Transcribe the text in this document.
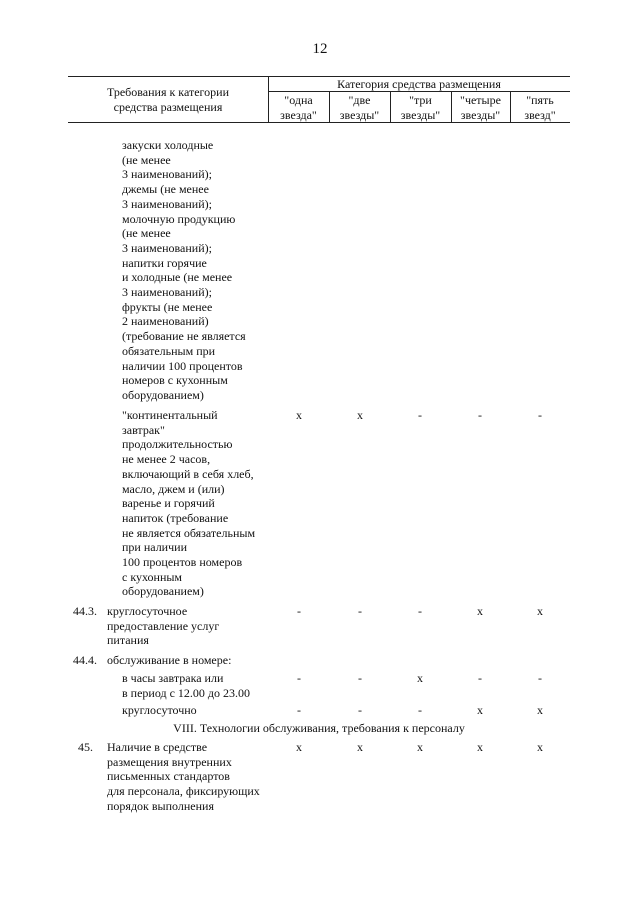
12
Требования к категории
средства размещения
Категория средства размещения
"одна
звезда"
"две
звезды"
"три
звезды"
"четыре
звезды"
"пять
звезд"
закуски холодные
(не менее
3 наименований);
джемы (не менее
3 наименований);
молочную продукцию
(не менее
3 наименований);
напитки горячие
и холодные (не менее
3 наименований);
фрукты (не менее
2 наименований)
(требование не является
обязательным при
наличии 100 процентов
номеров с кухонным
оборудованием)
"континентальный
завтрак"
продолжительностью
не менее 2 часов,
включающий в себя хлеб,
масло, джем и (или)
варенье и горячий
напиток (требование
не является обязательным
при наличии
100 процентов номеров
с кухонным
оборудованием)
x	x	-	-	-
44.3. круглосуточное
предоставление услуг
питания
-	-	-	x	x
44.4. обслуживание в номере:
в часы завтрака или
в период с 12.00 до 23.00
-	-	x	-	-
круглосуточно	-	-	-	x	x
VIII. Технологии обслуживания, требования к персоналу
45. Наличие в средстве
размещения внутренних
письменных стандартов
для персонала, фиксирующих
порядок выполнения
x	x	x	x	x
